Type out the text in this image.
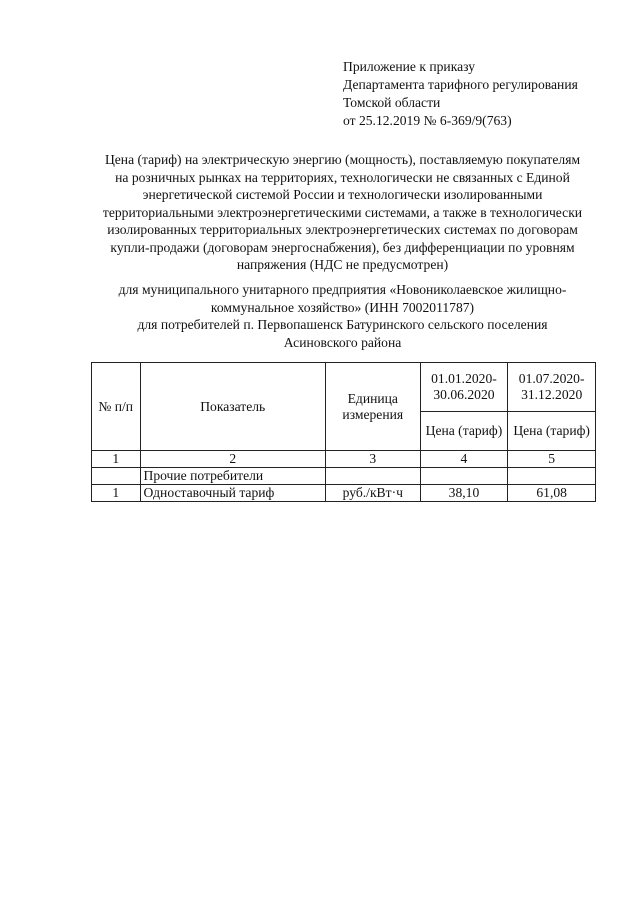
Приложение к приказу
Департамента тарифного регулирования
Томской области
от 25.12.2019 № 6-369/9(763)
Цена (тариф) на электрическую энергию (мощность), поставляемую покупателям
на розничных рынках на территориях, технологически не связанных с Единой
энергетической системой России и технологически изолированными
территориальными электроэнергетическими системами, а также в технологически
изолированных территориальных электроэнергетических системах по договорам
купли-продажи (договорам энергоснабжения), без дифференциации по уровням
напряжения (НДС не предусмотрен)
для муниципального унитарного предприятия «Новониколаевское жилищно-
коммунальное хозяйство» (ИНН 7002011787)
для потребителей п. Первопашенск Батуринского сельского поселения
Асиновского района
№ п/п	Показатель	Единица измерения	01.01.2020-30.06.2020	01.07.2020-31.12.2020
			Цена (тариф)	Цена (тариф)
1	2	3	4	5
	Прочие потребители			
1	Одноставочный тариф	руб./кВт·ч	38,10	61,08
